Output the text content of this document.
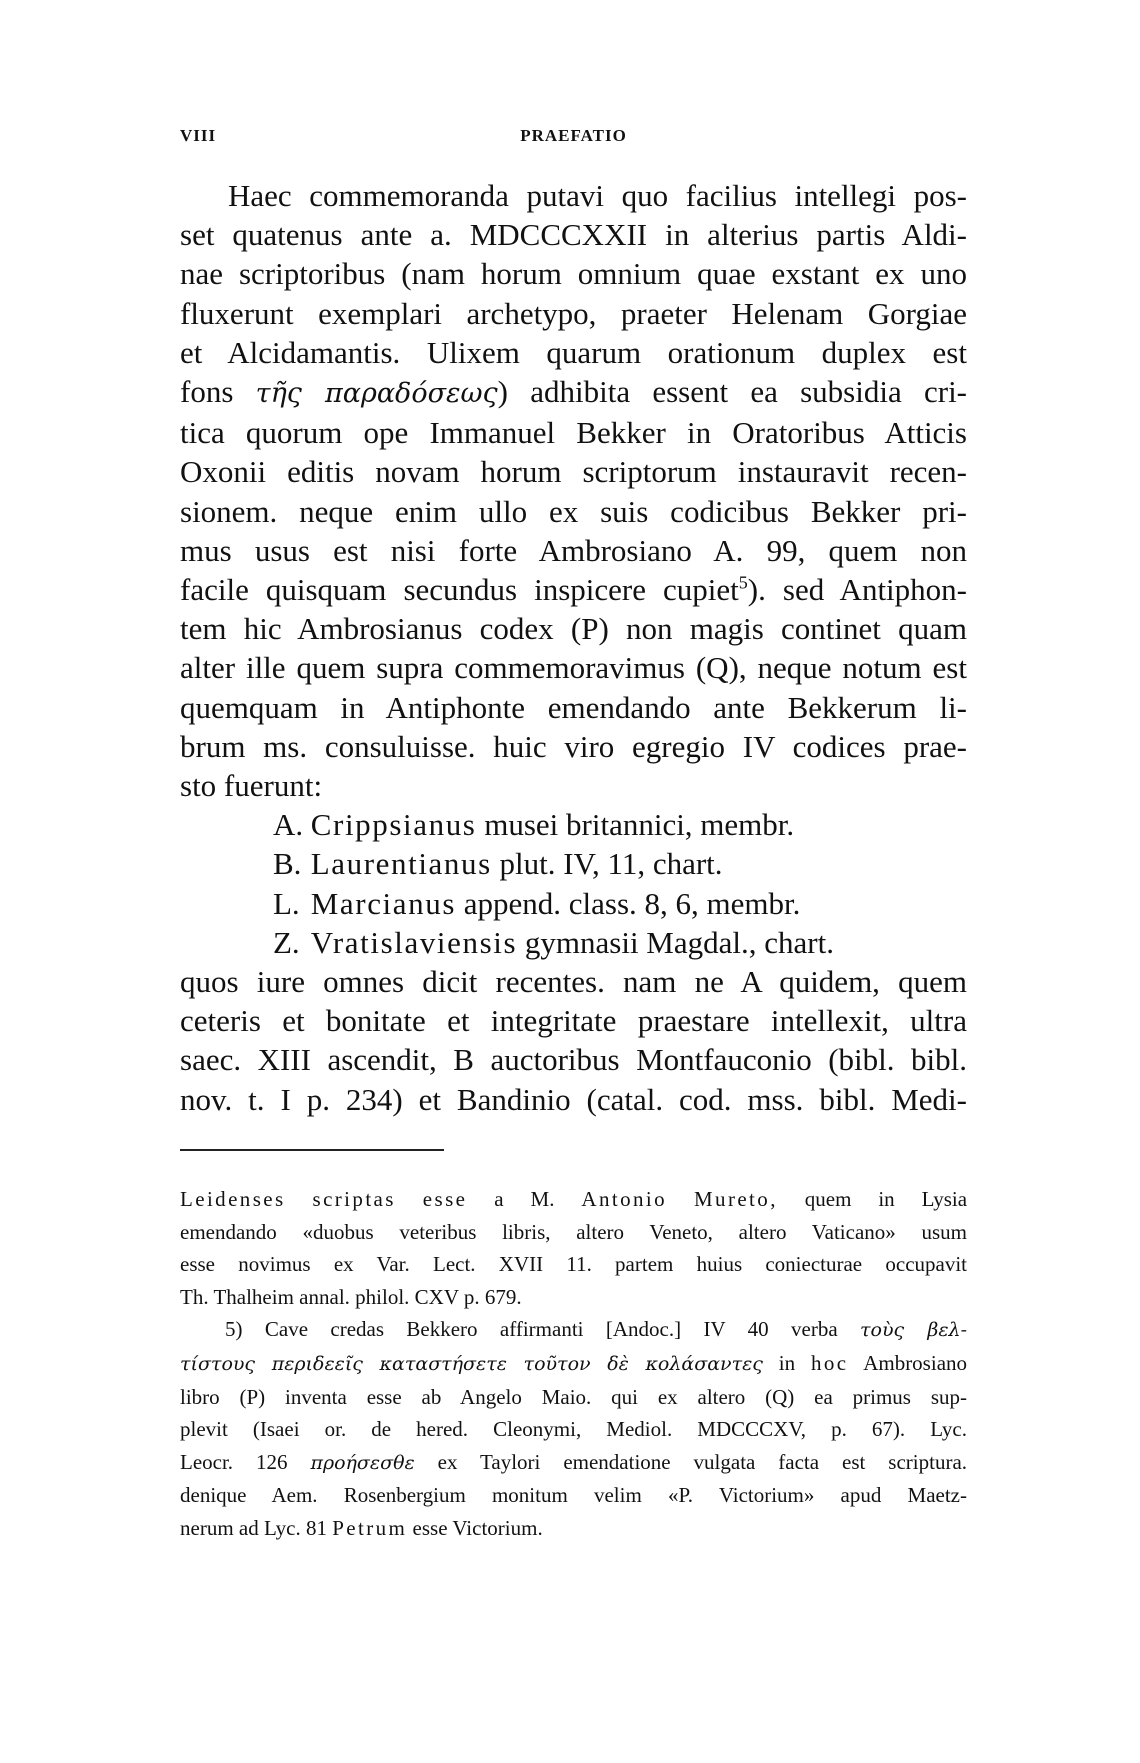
VIII	PRAEFATIO
Haec commemoranda putavi quo facilius intellegi pos-
set quatenus ante a. MDCCCXXII in alterius partis Aldi-
nae scriptoribus (nam horum omnium quae exstant ex uno
fluxerunt exemplari archetypo, praeter Helenam Gorgiae
et Alcidamantis. Ulixem quarum orationum duplex est
fons τῆς παραδόσεως) adhibita essent ea subsidia cri-
tica quorum ope Immanuel Bekker in Oratoribus Atticis
Oxonii editis novam horum scriptorum instauravit recen-
sionem. neque enim ullo ex suis codicibus Bekker pri-
mus usus est nisi forte Ambrosiano A. 99, quem non
facile quisquam secundus inspicere cupiet$^5$). sed Antiphon-
tem hic Ambrosianus codex (P) non magis continet quam
alter ille quem supra commemoravimus (Q), neque notum est
quemquam in Antiphonte emendando ante Bekkerum li-
brum ms. consuluisse. huic viro egregio IV codices prae-
sto fuerunt:
A. Crippsianus musei britannici, membr.
B. Laurentianus plut. IV, 11, chart.
L. Marcianus append. class. 8, 6, membr.
Z. Vratislaviensis gymnasii Magdal., chart.
quos iure omnes dicit recentes. nam ne A quidem, quem
ceteris et bonitate et integritate praestare intellexit, ultra
saec. XIII ascendit, B auctoribus Montfauconio (bibl. bibl.
nov. t. I p. 234) et Bandinio (catal. cod. mss. bibl. Medi-
Leidenses scriptas esse a M. Antonio Mureto, quem in Lysia
emendando «duobus veteribus libris, altero Veneto, altero Vaticano» usum
esse novimus ex Var. Lect. XVII 11. partem huius coniecturae occupavit
Th. Thalheim annal. philol. CXV p. 679.
5) Cave credas Bekkero affirmanti [Andoc.] IV 40 verba τοὺς βελ-
τίστους περιδεεῖς καταστήσετε τοῦτον δὲ κολάσαντες in hoc Ambrosiano
libro (P) inventa esse ab Angelo Maio. qui ex altero (Q) ea primus sup-
plevit (Isaei or. de hered. Cleonymi, Mediol. MDCCCXV, p. 67). Lyc.
Leocr. 126 προήσεσθε ex Taylori emendatione vulgata facta est scriptura.
denique Aem. Rosenbergium monitum velim «P. Victorium» apud Maetz-
nerum ad Lyc. 81 Petrum esse Victorium.
